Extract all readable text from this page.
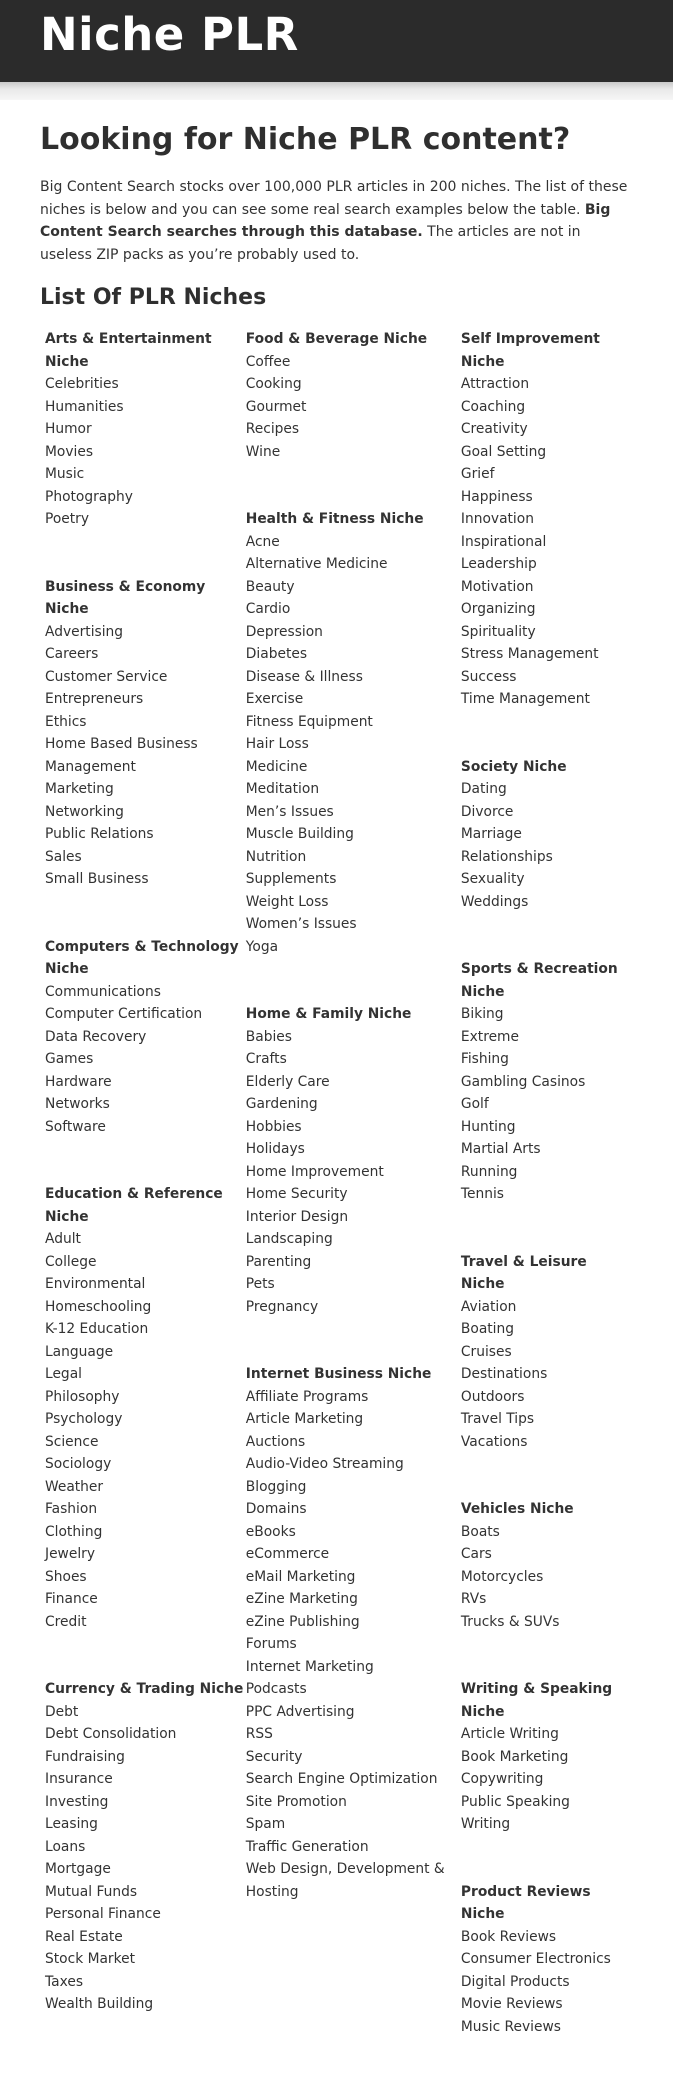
Niche PLR
Looking for Niche PLR content?

Big Content Search stocks over 100,000 PLR articles in 200 niches. The list of these niches is below and you can see some real search examples below the table. Big Content Search searches through this database. The articles are not in useless ZIP packs as you’re probably used to.

List Of PLR Niches
Arts & Entertainment Niche
Celebrities
Humanities
Humor
Movies
Music
Photography
Poetry
Business & Economy Niche
Advertising
Careers
Customer Service
Entrepreneurs
Ethics
Home Based Business
Management
Marketing
Networking
Public Relations
Sales
Small Business
Computers & Technology Niche
Communications
Computer Certification
Data Recovery
Games
Hardware
Networks
Software
Education & Reference Niche
Adult
College
Environmental
Homeschooling
K-12 Education
Language
Legal
Philosophy
Psychology
Science
Sociology
Weather
Fashion
Clothing
Jewelry
Shoes
Finance
Credit
Currency & Trading Niche
Debt
Debt Consolidation
Fundraising
Insurance
Investing
Leasing
Loans
Mortgage
Mutual Funds
Personal Finance
Real Estate
Stock Market
Taxes
Wealth Building
Food & Beverage Niche
Coffee
Cooking
Gourmet
Recipes
Wine
Health & Fitness Niche
Acne
Alternative Medicine
Beauty
Cardio
Depression
Diabetes
Disease & Illness
Exercise
Fitness Equipment
Hair Loss
Medicine
Meditation
Men’s Issues
Muscle Building
Nutrition
Supplements
Weight Loss
Women’s Issues
Yoga
Home & Family Niche
Babies
Crafts
Elderly Care
Gardening
Hobbies
Holidays
Home Improvement
Home Security
Interior Design
Landscaping
Parenting
Pets
Pregnancy
Internet Business Niche
Affiliate Programs
Article Marketing
Auctions
Audio-Video Streaming
Blogging
Domains
eBooks
eCommerce
eMail Marketing
eZine Marketing
eZine Publishing
Forums
Internet Marketing
Podcasts
PPC Advertising
RSS
Security
Search Engine Optimization
Site Promotion
Spam
Traffic Generation
Web Design, Development & Hosting
Self Improvement Niche
Attraction
Coaching
Creativity
Goal Setting
Grief
Happiness
Innovation
Inspirational
Leadership
Motivation
Organizing
Spirituality
Stress Management
Success
Time Management
Society Niche
Dating
Divorce
Marriage
Relationships
Sexuality
Weddings
Sports & Recreation Niche
Biking
Extreme
Fishing
Gambling Casinos
Golf
Hunting
Martial Arts
Running
Tennis
Travel & Leisure Niche
Aviation
Boating
Cruises
Destinations
Outdoors
Travel Tips
Vacations
Vehicles Niche
Boats
Cars
Motorcycles
RVs
Trucks & SUVs
Writing & Speaking Niche
Article Writing
Book Marketing
Copywriting
Public Speaking
Writing
Product Reviews Niche
Book Reviews
Consumer Electronics
Digital Products
Movie Reviews
Music Reviews
